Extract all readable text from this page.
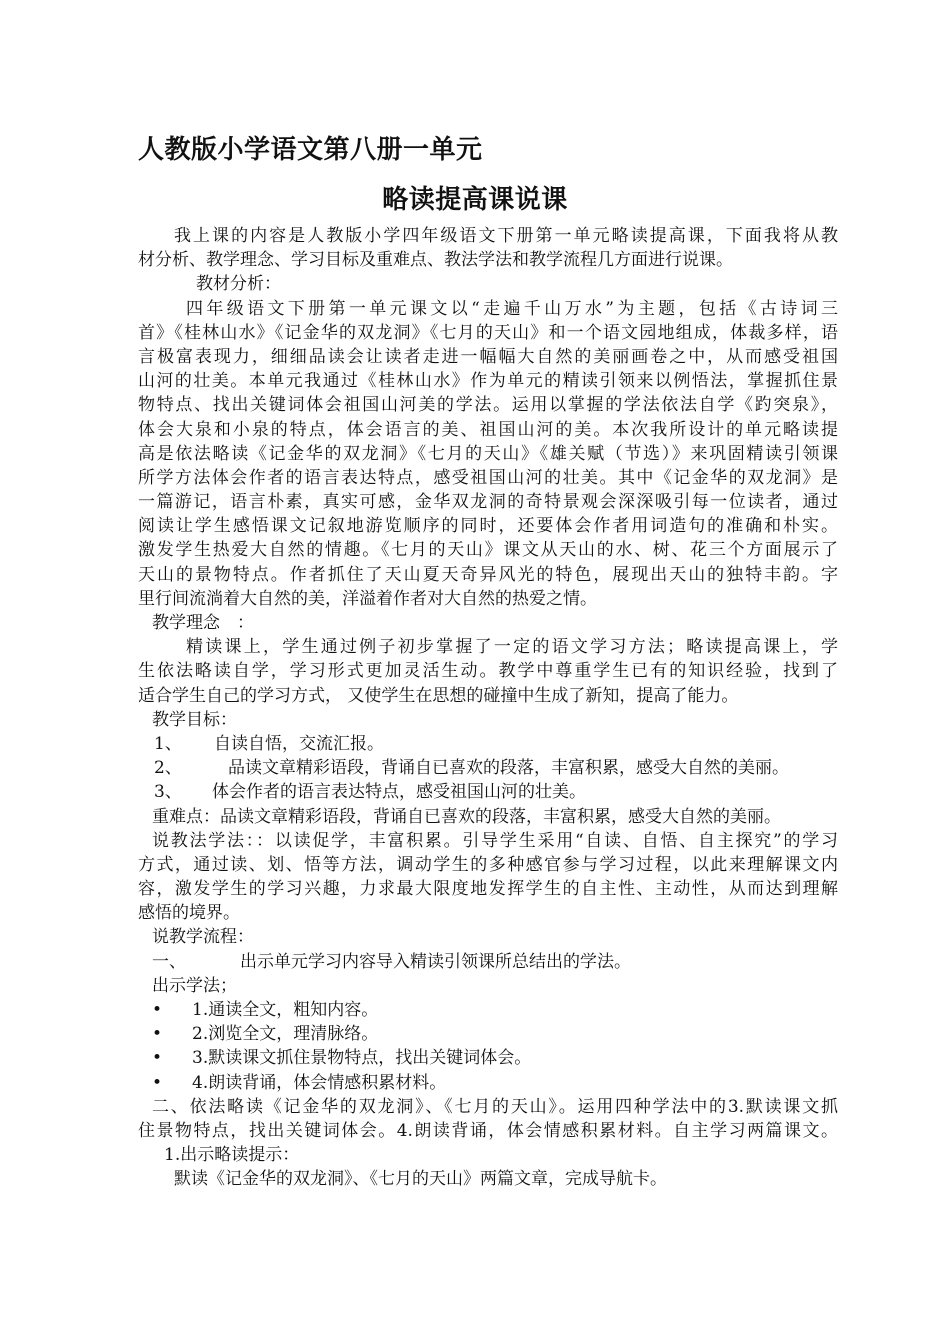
人教版小学语文第八册一单元
略读提高课说课
我上课的内容是人教版小学四年级语文下册第一单元略读提高课，下面我将从教
材分析、教学理念、学习目标及重难点、教法学法和教学流程几方面进行说课。
教材分析：
四年级语文下册第一单元课文以“走遍千山万水”为主题，包括《古诗词三
首》《桂林山水》《记金华的双龙洞》《七月的天山》和一个语文园地组成，体裁多样，语
言极富表现力，细细品读会让读者走进一幅幅大自然的美丽画卷之中，从而感受祖国
山河的壮美。本单元我通过《桂林山水》作为单元的精读引领来以例悟法，掌握抓住景
物特点、找出关键词体会祖国山河美的学法。运用以掌握的学法依法自学《趵突泉》，
体会大泉和小泉的特点，体会语言的美、祖国山河的美。本次我所设计的单元略读提
高是依法略读《记金华的双龙洞》《七月的天山》《雄关赋（节选）》来巩固精读引领课
所学方法体会作者的语言表达特点，感受祖国山河的壮美。其中《记金华的双龙洞》是
一篇游记，语言朴素，真实可感，金华双龙洞的奇特景观会深深吸引每一位读者，通过
阅读让学生感悟课文记叙地游览顺序的同时，还要体会作者用词造句的准确和朴实。
激发学生热爱大自然的情趣。《七月的天山》课文从天山的水、树、花三个方面展示了
天山的景物特点。作者抓住了天山夏天奇异风光的特色，展现出天山的独特丰韵。字
里行间流淌着大自然的美，洋溢着作者对大自然的热爱之情。
教学理念　：
精读课上，学生通过例子初步掌握了一定的语文学习方法；略读提高课上，学
生依法略读自学，学习形式更加灵活生动。教学中尊重学生已有的知识经验，找到了
适合学生自己的学习方式， 又使学生在思想的碰撞中生成了新知，提高了能力。
教学目标：
1、 自读自悟，交流汇报。
2、	品读文章精彩语段，背诵自已喜欢的段落，丰富积累，感受大自然的美丽。
3、 体会作者的语言表达特点，感受祖国山河的壮美。
重难点：品读文章精彩语段，背诵自已喜欢的段落，丰富积累，感受大自然的美丽。
说教法学法：：以读促学，丰富积累。引导学生采用“自读、自悟、自主探究”的学习
方式，通过读、划、悟等方法，调动学生的多种感官参与学习过程，以此来理解课文内
容，激发学生的学习兴趣，力求最大限度地发挥学生的自主性、主动性，从而达到理解
感悟的境界。
说教学流程：
一、	出示单元学习内容导入精读引领课所总结出的学法。
出示学法；
• 1.通读全文，粗知内容。
• 2.浏览全文，理清脉络。
• 3.默读课文抓住景物特点，找出关键词体会。
• 4.朗读背诵，体会情感积累材料。
二、依法略读《记金华的双龙洞》、《七月的天山》。运用四种学法中的3.默读课文抓
住景物特点，找出关键词体会。4.朗读背诵，体会情感积累材料。自主学习两篇课文。
1.出示略读提示：
默读《记金华的双龙洞》、《七月的天山》两篇文章，完成导航卡。
